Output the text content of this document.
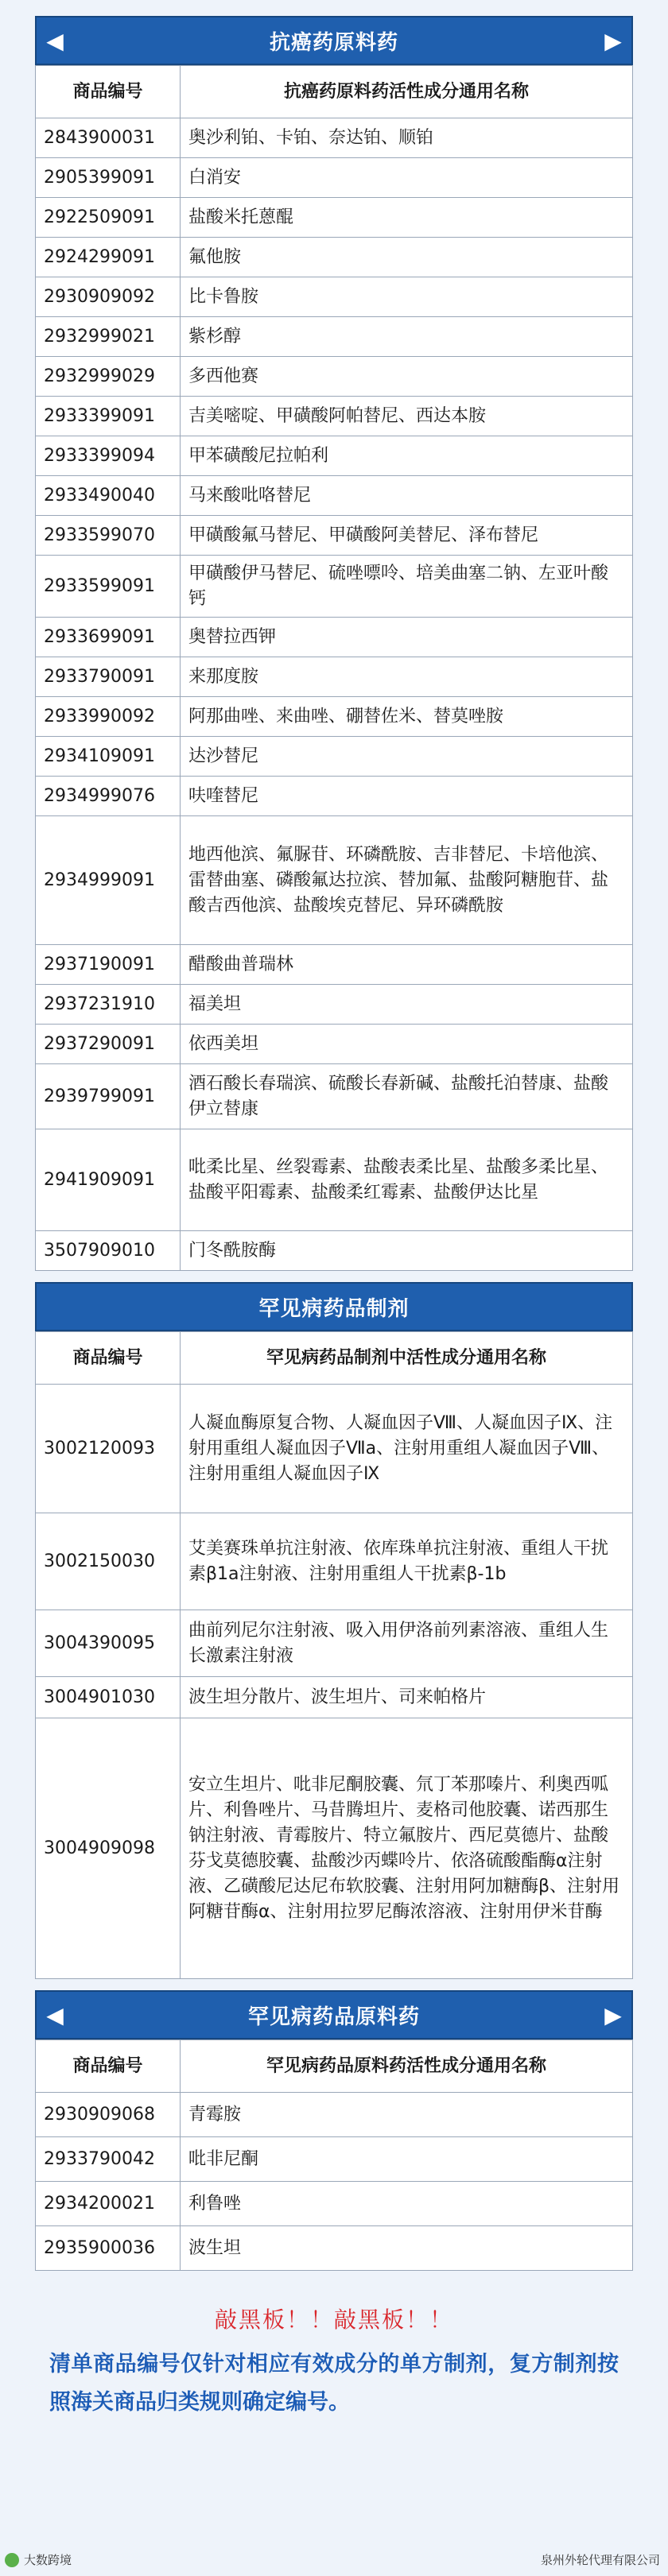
◀	抗癌药原料药	▶
商品编号	抗癌药原料药活性成分通用名称
2843900031	奥沙利铂、卡铂、奈达铂、顺铂
2905399091	白消安
2922509091	盐酸米托蒽醌
2924299091	氟他胺
2930909092	比卡鲁胺
2932999021	紫杉醇
2932999029	多西他赛
2933399091	吉美嘧啶、甲磺酸阿帕替尼、西达本胺
2933399094	甲苯磺酸尼拉帕利
2933490040	马来酸吡咯替尼
2933599070	甲磺酸氟马替尼、甲磺酸阿美替尼、泽布替尼
2933599091	甲磺酸伊马替尼、硫唑嘌呤、培美曲塞二钠、左亚叶酸钙
2933699091	奥替拉西钾
2933790091	来那度胺
2933990092	阿那曲唑、来曲唑、硼替佐米、替莫唑胺
2934109091	达沙替尼
2934999076	呋喹替尼
2934999091	地西他滨、氟脲苷、环磷酰胺、吉非替尼、卡培他滨、雷替曲塞、磷酸氟达拉滨、替加氟、盐酸阿糖胞苷、盐酸吉西他滨、盐酸埃克替尼、异环磷酰胺
2937190091	醋酸曲普瑞林
2937231910	福美坦
2937290091	依西美坦
2939799091	酒石酸长春瑞滨、硫酸长春新碱、盐酸托泊替康、盐酸伊立替康
2941909091	吡柔比星、丝裂霉素、盐酸表柔比星、盐酸多柔比星、盐酸平阳霉素、盐酸柔红霉素、盐酸伊达比星
3507909010	门冬酰胺酶
罕见病药品制剂
商品编号	罕见病药品制剂中活性成分通用名称
3002120093	人凝血酶原复合物、人凝血因子Ⅷ、人凝血因子Ⅸ、注射用重组人凝血因子Ⅶa、注射用重组人凝血因子Ⅷ、注射用重组人凝血因子Ⅸ
3002150030	艾美赛珠单抗注射液、依库珠单抗注射液、重组人干扰素β1a注射液、注射用重组人干扰素β-1b
3004390095	曲前列尼尔注射液、吸入用伊洛前列素溶液、重组人生长激素注射液
3004901030	波生坦分散片、波生坦片、司来帕格片
3004909098	安立生坦片、吡非尼酮胶囊、氘丁苯那嗪片、利奥西呱片、利鲁唑片、马昔腾坦片、麦格司他胶囊、诺西那生钠注射液、青霉胺片、特立氟胺片、西尼莫德片、盐酸芬戈莫德胶囊、盐酸沙丙蝶呤片、依洛硫酸酯酶α注射液、乙磺酸尼达尼布软胶囊、注射用阿加糖酶β、注射用阿糖苷酶α、注射用拉罗尼酶浓溶液、注射用伊米苷酶
◀	罕见病药品原料药	▶
商品编号	罕见病药品原料药活性成分通用名称
2930909068	青霉胺
2933790042	吡非尼酮
2934200021	利鲁唑
2935900036	波生坦
敲黑板！！敲黑板！！
清单商品编号仅针对相应有效成分的单方制剂，复方制剂按照海关商品归类规则确定编号。
大数跨境	泉州外轮代理有限公司
